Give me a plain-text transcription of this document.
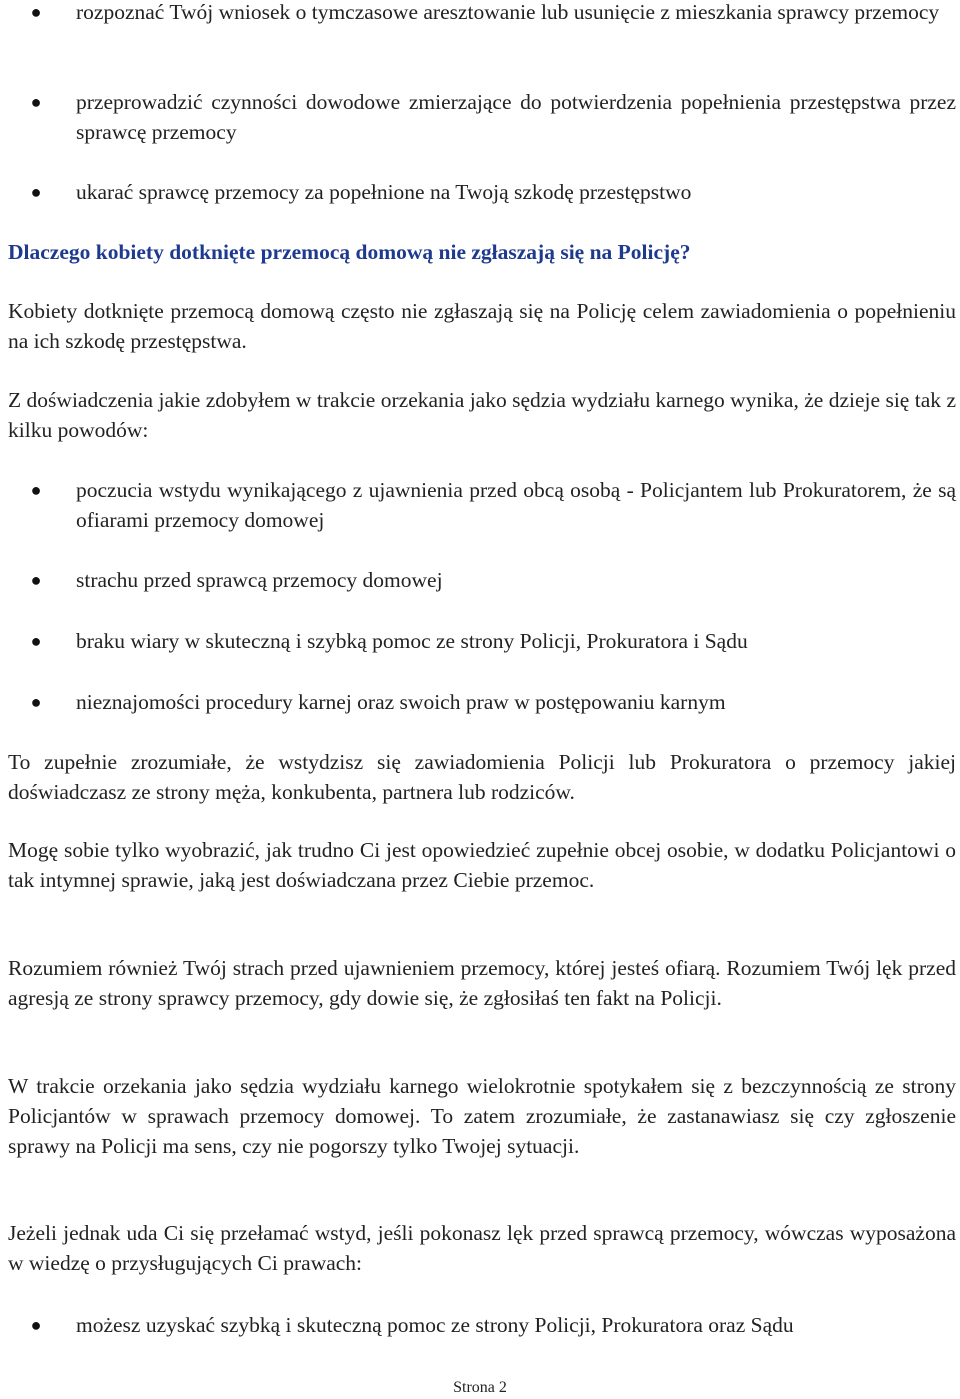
●	rozpoznać Twój wniosek o tymczasowe aresztowanie lub usunięcie z mieszkania sprawcy przemocy
●	przeprowadzić czynności dowodowe zmierzające do potwierdzenia popełnienia przestępstwa przez sprawcę przemocy
●	ukarać sprawcę przemocy za popełnione na Twoją szkodę przestępstwo
Dlaczego kobiety dotknięte przemocą domową nie zgłaszają się na Policję?
Kobiety dotknięte przemocą domową często nie zgłaszają się na Policję celem zawiadomienia o popełnieniu na ich szkodę przestępstwa.
Z doświadczenia jakie zdobyłem w trakcie orzekania jako sędzia wydziału karnego wynika, że dzieje się tak z kilku powodów:
●	poczucia wstydu wynikającego z ujawnienia przed obcą osobą - Policjantem lub Prokuratorem, że są ofiarami przemocy domowej
●	strachu przed sprawcą przemocy domowej
●	braku wiary w skuteczną i szybką pomoc ze strony Policji, Prokuratora i Sądu
●	nieznajomości procedury karnej oraz swoich praw w postępowaniu karnym
To zupełnie zrozumiałe, że wstydzisz się zawiadomienia Policji lub Prokuratora o przemocy jakiej doświadczasz ze strony męża, konkubenta, partnera lub rodziców.
Mogę sobie tylko wyobrazić, jak trudno Ci jest opowiedzieć zupełnie obcej osobie, w dodatku Policjantowi o tak intymnej sprawie, jaką jest doświadczana przez Ciebie przemoc.
Rozumiem również Twój strach przed ujawnieniem przemocy, której jesteś ofiarą. Rozumiem Twój lęk przed agresją ze strony sprawcy przemocy, gdy dowie się, że zgłosiłaś ten fakt na Policji.
W trakcie orzekania jako sędzia wydziału karnego wielokrotnie spotykałem się z bezczynnością ze strony Policjantów w sprawach przemocy domowej. To zatem zrozumiałe, że zastanawiasz się czy zgłoszenie sprawy na Policji ma sens, czy nie pogorszy tylko Twojej sytuacji.
Jeżeli jednak uda Ci się przełamać wstyd, jeśli pokonasz lęk przed sprawcą przemocy, wówczas wyposażona w wiedzę o przysługujących Ci prawach:
●	możesz uzyskać szybką i skuteczną pomoc ze strony Policji, Prokuratora oraz Sądu
Strona 2
